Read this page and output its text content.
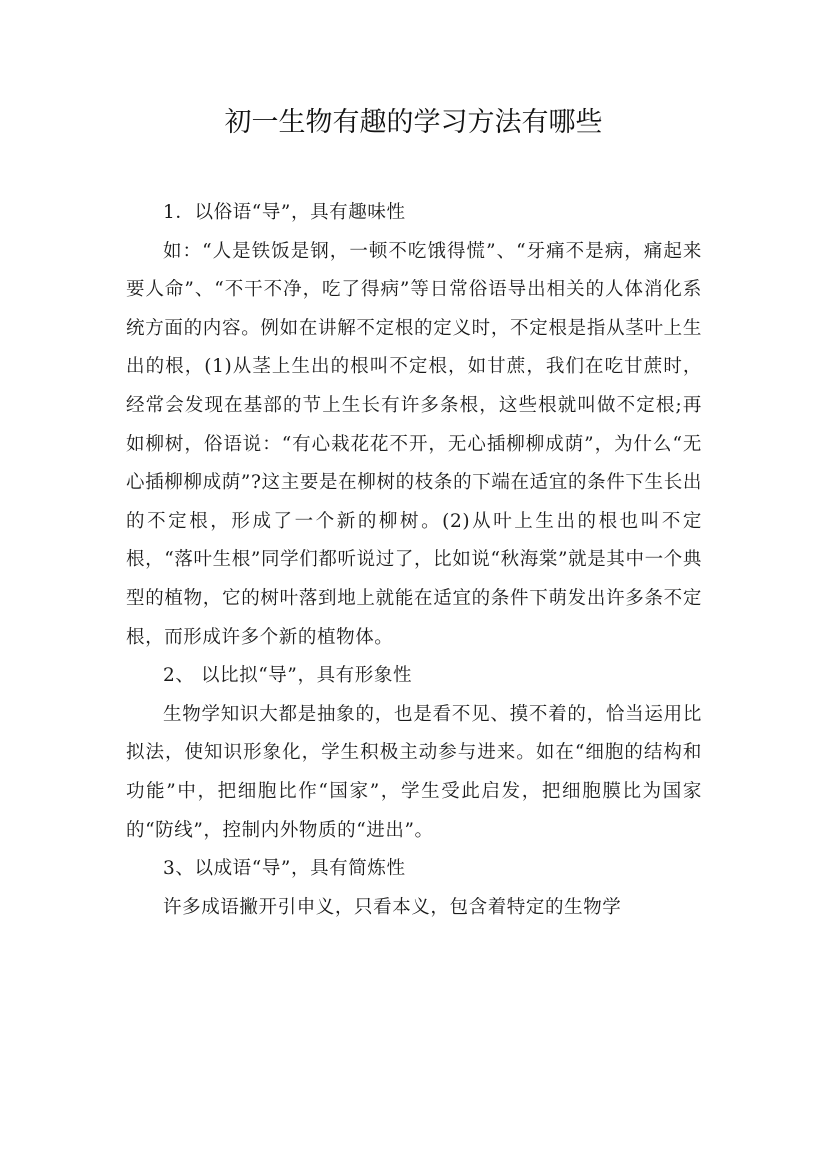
初一生物有趣的学习方法有哪些

1．以俗语“导”，具有趣味性

如：“人是铁饭是钢，一顿不吃饿得慌”、“牙痛不是病，痛起来要人命”、“不干不净，吃了得病”等日常俗语导出相关的人体消化系统方面的内容。例如在讲解不定根的定义时，不定根是指从茎叶上生出的根，(1)从茎上生出的根叫不定根，如甘蔗，我们在吃甘蔗时，经常会发现在基部的节上生长有许多条根，这些根就叫做不定根;再如柳树，俗语说：“有心栽花花不开，无心插柳柳成荫”，为什么“无心插柳柳成荫”?这主要是在柳树的枝条的下端在适宜的条件下生长出的不定根，形成了一个新的柳树。(2)从叶上生出的根也叫不定根，“落叶生根”同学们都听说过了，比如说“秋海棠”就是其中一个典型的植物，它的树叶落到地上就能在适宜的条件下萌发出许多条不定根，而形成许多个新的植物体。

2、 以比拟“导”，具有形象性

生物学知识大都是抽象的，也是看不见、摸不着的，恰当运用比拟法，使知识形象化，学生积极主动参与进来。如在“细胞的结构和功能”中，把细胞比作“国家”，学生受此启发，把细胞膜比为国家的“防线”，控制内外物质的“进出”。

3、以成语“导”，具有简炼性

许多成语撇开引申义，只看本义，包含着特定的生物学
